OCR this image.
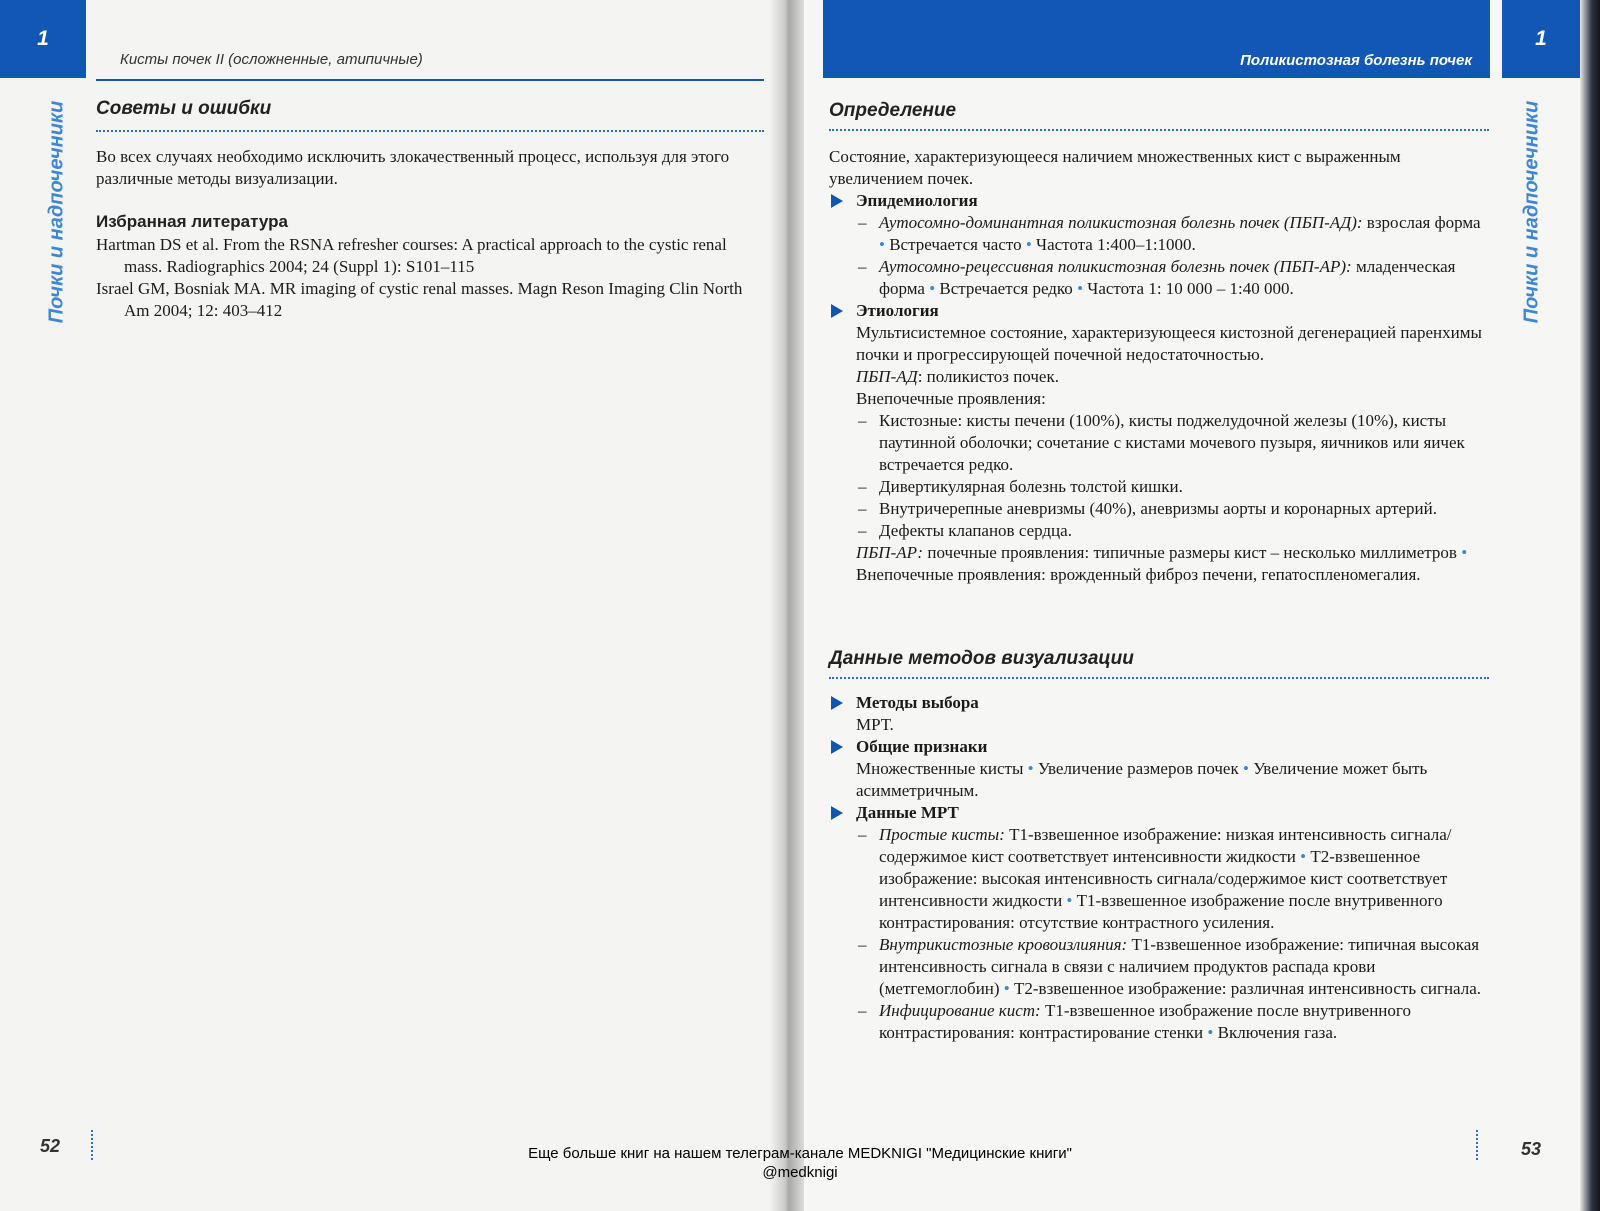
1
Почки и надпочечники
Кисты почек II (осложненные, атипичные)
Советы и ошибки
Во всех случаях необходимо исключить злокачественный процесс, используя для этого различные методы визуализации.
Избранная литература

Hartman DS et al. From the RSNA refresher courses: A practical approach to the cystic renal mass. Radiographics 2004; 24 (Suppl 1): S101–115

Israel GM, Bosniak MA. MR imaging of cystic renal masses. Magn Reson Imaging Clin North Am 2004; 12: 403–412

52
Поликистозная болезнь почек
1
Почки и надпочечники
Определение

Состояние, характеризующееся наличием множественных кист с выраженным увеличением почек.

Эпидемиология

– Аутосомно-доминантная поликистозная болезнь почек (ПБП-АД): взрослая форма • Встречается часто • Частота 1:400–1:1000.

– Аутосомно-рецессивная поликистозная болезнь почек (ПБП-АР): младенческая форма • Встречается редко • Частота 1: 10 000 – 1:40 000.

Этиология

Мультисистемное состояние, характеризующееся кистозной дегенерацией паренхимы почки и прогрессирующей почечной недостаточностью.

ПБП-АД: поликистоз почек.

Внепочечные проявления:

– Кистозные: кисты печени (100%), кисты поджелудочной железы (10%), кисты паутинной оболочки; сочетание с кистами мочевого пузыря, яичников или яичек встречается редко.

– Дивертикулярная болезнь толстой кишки.

– Внутричерепные аневризмы (40%), аневризмы аорты и коронарных артерий.

– Дефекты клапанов сердца.

ПБП-АР: почечные проявления: типичные размеры кист – несколько миллиметров • Внепочечные проявления: врожденный фиброз печени, гепатоспленомегалия.

Данные методов визуализации

Методы выбора

МРТ.

Общие признаки

Множественные кисты • Увеличение размеров почек • Увеличение может быть асимметричным.

Данные МРТ

– Простые кисты: T1-взвешенное изображение: низкая интенсивность сигнала/содержимое кист соответствует интенсивности жидкости • T2-взвешенное изображение: высокая интенсивность сигнала/содержимое кист соответствует интенсивности жидкости • T1-взвешенное изображение после внутривенного контрастирования: отсутствие контрастного усиления.

– Внутрикистозные кровоизлияния: T1-взвешенное изображение: типичная высокая интенсивность сигнала в связи с наличием продуктов распада крови (метгемоглобин) • T2-взвешенное изображение: различная интенсивность сигнала.

– Инфицирование кист: T1-взвешенное изображение после внутривенного контрастирования: контрастирование стенки • Включения газа.

53
Еще больше книг на нашем телеграм-канале MEDKNIGI "Медицинские книги"
@medknigi
